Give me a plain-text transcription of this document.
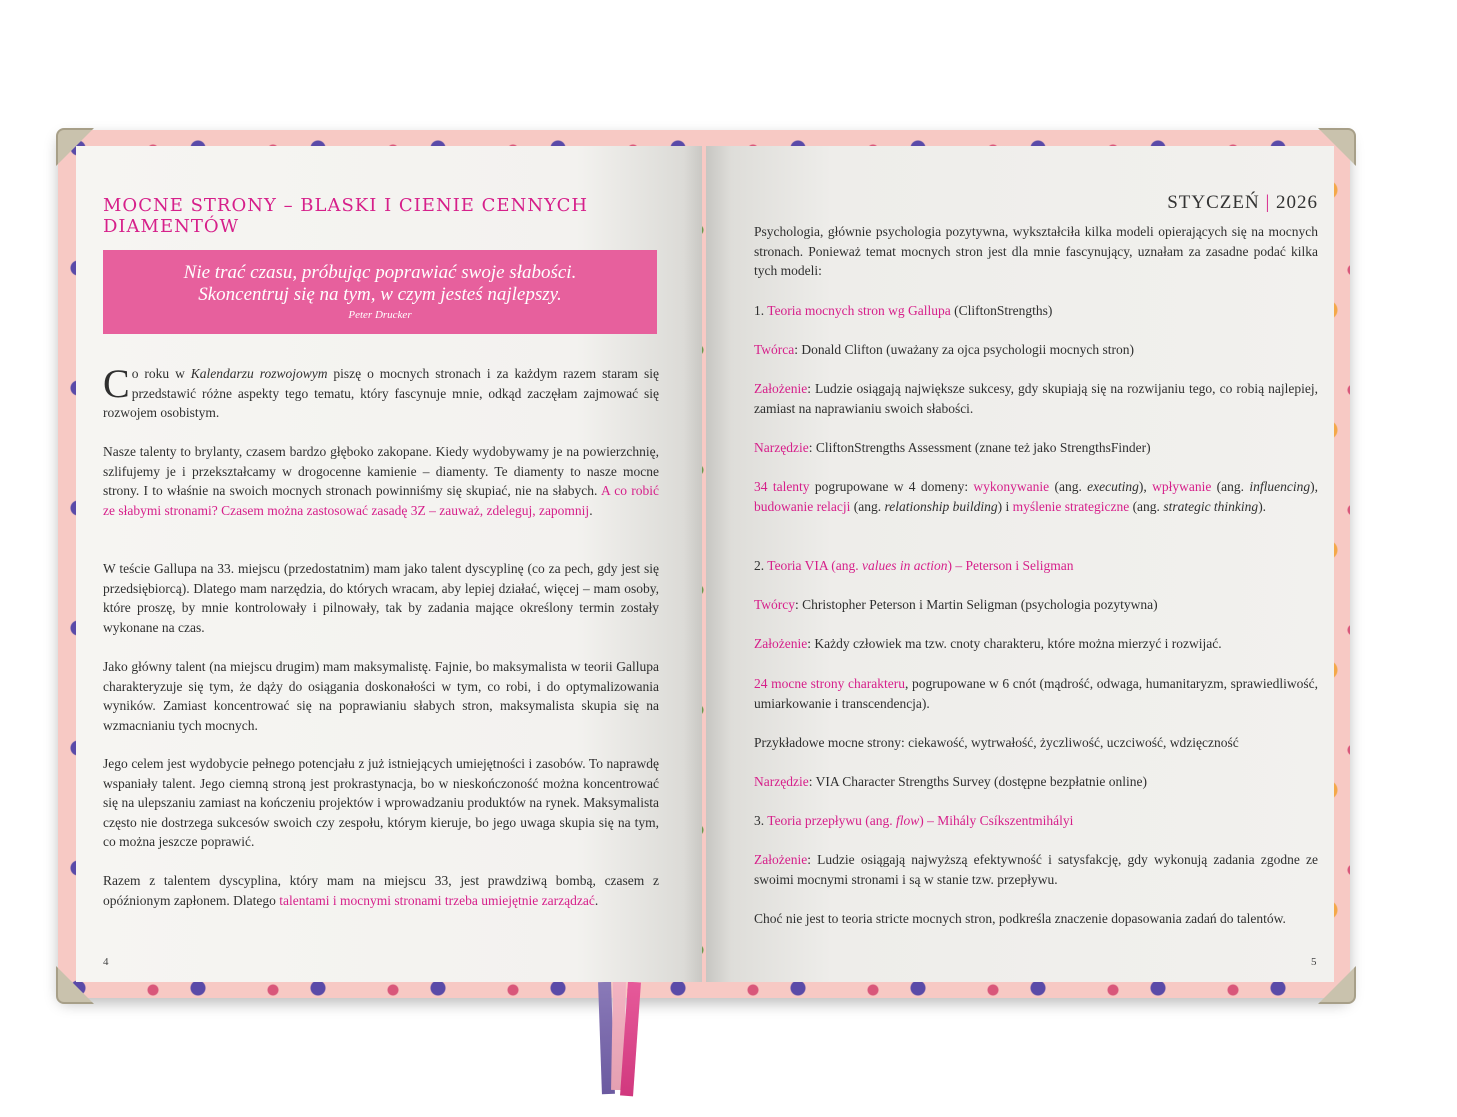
MOCNE STRONY – BLASKI I CIENIE CENNYCH DIAMENTÓW
Nie trać czasu, próbując poprawiać swoje słabości.
Skoncentruj się na tym, w czym jesteś najlepszy.
Peter Drucker

Co roku w Kalendarzu rozwojowym piszę o mocnych stronach i za każdym razem staram się przedstawić różne aspekty tego tematu, który fascynuje mnie, odkąd zaczęłam zajmować się rozwojem osobistym.

Nasze talenty to brylanty, czasem bardzo głęboko zakopane. Kiedy wydobywamy je na powierzchnię, szlifujemy je i przekształcamy w drogocenne kamienie – diamenty. Te diamenty to nasze mocne strony. I to właśnie na swoich mocnych stronach powinniśmy się skupiać, nie na słabych. A co robić ze słabymi stronami? Czasem można zastosować zasadę 3Z – zauważ, zdeleguj, zapomnij.

W teście Gallupa na 33. miejscu (przedostatnim) mam jako talent dyscyplinę (co za pech, gdy jest się przedsiębiorcą). Dlatego mam narzędzia, do których wracam, aby lepiej działać, więcej – mam osoby, które proszę, by mnie kontrolowały i pilnowały, tak by zadania mające określony termin zostały wykonane na czas.

Jako główny talent (na miejscu drugim) mam maksymalistę. Fajnie, bo maksymalista w teorii Gallupa charakteryzuje się tym, że dąży do osiągania doskonałości w tym, co robi, i do optymalizowania wyników. Zamiast koncentrować się na poprawianiu słabych stron, maksymalista skupia się na wzmacnianiu tych mocnych.

Jego celem jest wydobycie pełnego potencjału z już istniejących umiejętności i zasobów. To naprawdę wspaniały talent. Jego ciemną stroną jest prokrastynacja, bo w nieskończoność można koncentrować się na ulepszaniu zamiast na kończeniu projektów i wprowadzaniu produktów na rynek. Maksymalista często nie dostrzega sukcesów swoich czy zespołu, którym kieruje, bo jego uwaga skupia się na tym, co można jeszcze poprawić.

Razem z talentem dyscyplina, który mam na miejscu 33, jest prawdziwą bombą, czasem z opóźnionym zapłonem. Dlatego talentami i mocnymi stronami trzeba umiejętnie zarządzać.

4
STYCZEŃ | 2026

Psychologia, głównie psychologia pozytywna, wykształciła kilka modeli opierających się na mocnych stronach. Ponieważ temat mocnych stron jest dla mnie fascynujący, uznałam za zasadne podać kilka tych modeli:

1. Teoria mocnych stron wg Gallupa (CliftonStrengths)

Twórca: Donald Clifton (uważany za ojca psychologii mocnych stron)

Założenie: Ludzie osiągają największe sukcesy, gdy skupiają się na rozwijaniu tego, co robią najlepiej, zamiast na naprawianiu swoich słabości.

Narzędzie: CliftonStrengths Assessment (znane też jako StrengthsFinder)

34 talenty pogrupowane w 4 domeny: wykonywanie (ang. executing), wpływanie (ang. influencing), budowanie relacji (ang. relationship building) i myślenie strategiczne (ang. strategic thinking).

2. Teoria VIA (ang. values in action) – Peterson i Seligman

Twórcy: Christopher Peterson i Martin Seligman (psychologia pozytywna)

Założenie: Każdy człowiek ma tzw. cnoty charakteru, które można mierzyć i rozwijać.

24 mocne strony charakteru, pogrupowane w 6 cnót (mądrość, odwaga, humanitaryzm, sprawiedliwość, umiarkowanie i transcendencja).

Przykładowe mocne strony: ciekawość, wytrwałość, życzliwość, uczciwość, wdzięczność

Narzędzie: VIA Character Strengths Survey (dostępne bezpłatnie online)

3. Teoria przepływu (ang. flow) – Mihály Csíkszentmihályi

Założenie: Ludzie osiągają najwyższą efektywność i satysfakcję, gdy wykonują zadania zgodne ze swoimi mocnymi stronami i są w stanie tzw. przepływu.

Choć nie jest to teoria stricte mocnych stron, podkreśla znaczenie dopasowania zadań do talentów.

5
